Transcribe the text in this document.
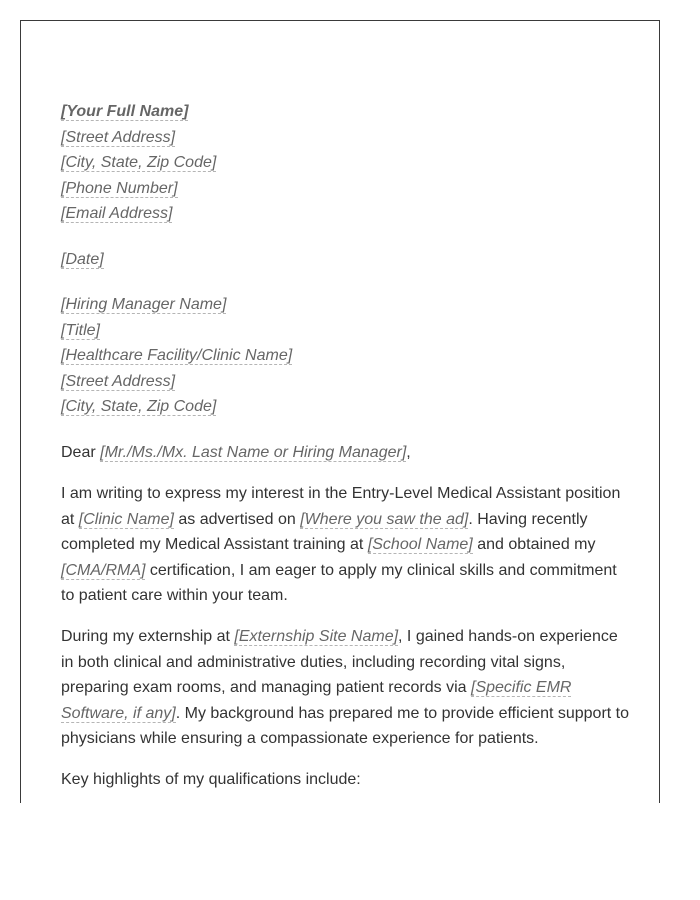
[Your Full Name]
[Street Address]
[City, State, Zip Code]
[Phone Number]
[Email Address]
[Date]
[Hiring Manager Name]
[Title]
[Healthcare Facility/Clinic Name]
[Street Address]
[City, State, Zip Code]

Dear [Mr./Ms./Mx. Last Name or Hiring Manager],

I am writing to express my interest in the Entry-Level Medical Assistant position at [Clinic Name] as advertised on [Where you saw the ad]. Having recently completed my Medical Assistant training at [School Name] and obtained my [CMA/RMA] certification, I am eager to apply my clinical skills and commitment to patient care within your team.

During my externship at [Externship Site Name], I gained hands-on experience in both clinical and administrative duties, including recording vital signs, preparing exam rooms, and managing patient records via [Specific EMR Software, if any]. My background has prepared me to provide efficient support to physicians while ensuring a compassionate experience for patients.

Key highlights of my qualifications include:
